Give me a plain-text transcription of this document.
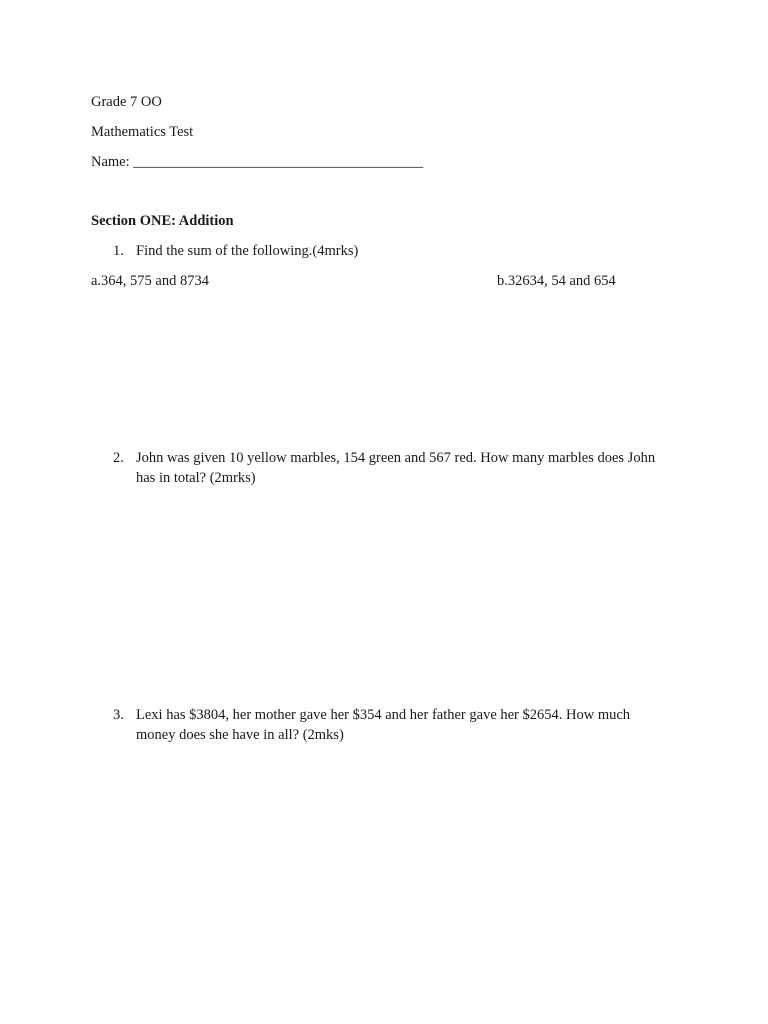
Grade 7 OO
Mathematics Test
Name: ________________________________________
Section ONE: Addition
1. Find the sum of the following.(4mrks)
a.364, 575 and 8734	b.32634, 54 and 654
2. John was given 10 yellow marbles, 154 green and 567 red. How many marbles does John has in total? (2mrks)
3. Lexi has $3804, her mother gave her $354 and her father gave her $2654. How much money does she have in all? (2mks)
